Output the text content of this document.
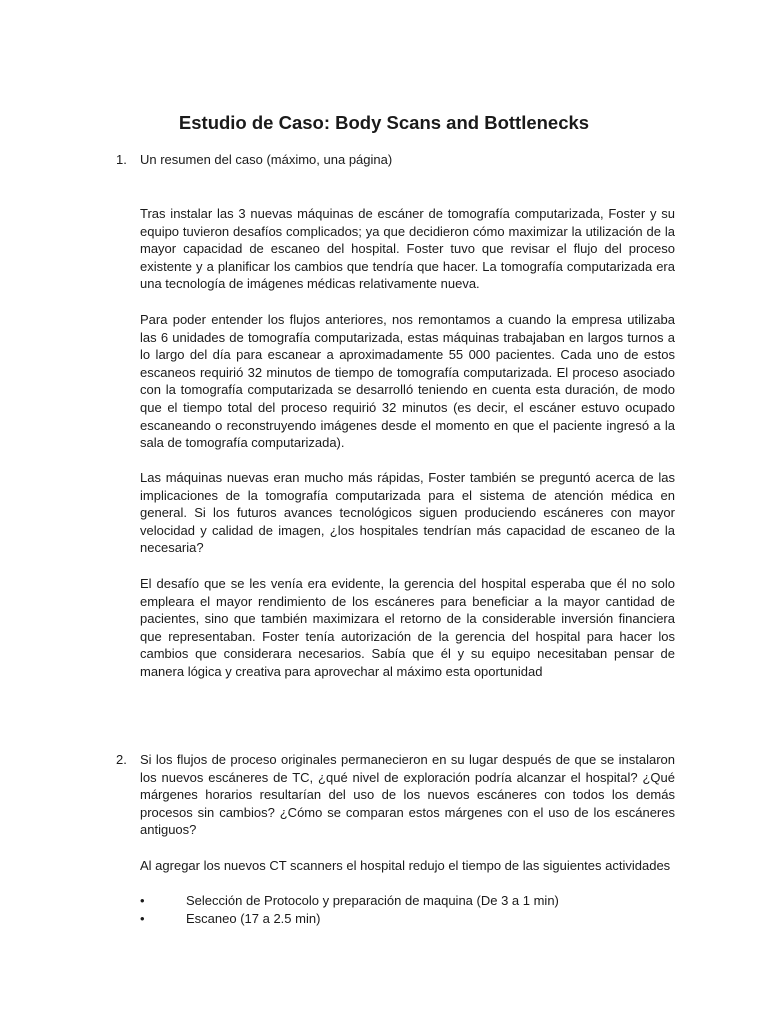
Estudio de Caso: Body Scans and Bottlenecks
1. Un resumen del caso (máximo, una página)

Tras instalar las 3 nuevas máquinas de escáner de tomografía computarizada, Foster y su equipo tuvieron desafíos complicados; ya que decidieron cómo maximizar la utilización de la mayor capacidad de escaneo del hospital. Foster tuvo que revisar el flujo del proceso existente y a planificar los cambios que tendría que hacer. La tomografía computarizada era una tecnología de imágenes médicas relativamente nueva.

Para poder entender los flujos anteriores, nos remontamos a cuando la empresa utilizaba las 6 unidades de tomografía computarizada, estas máquinas trabajaban en largos turnos a lo largo del día para escanear a aproximadamente 55 000 pacientes. Cada uno de estos escaneos requirió 32 minutos de tiempo de tomografía computarizada. El proceso asociado con la tomografía computarizada se desarrolló teniendo en cuenta esta duración, de modo que el tiempo total del proceso requirió 32 minutos (es decir, el escáner estuvo ocupado escaneando o reconstruyendo imágenes desde el momento en que el paciente ingresó a la sala de tomografía computarizada).

Las máquinas nuevas eran mucho más rápidas, Foster también se preguntó acerca de las implicaciones de la tomografía computarizada para el sistema de atención médica en general. Si los futuros avances tecnológicos siguen produciendo escáneres con mayor velocidad y calidad de imagen, ¿los hospitales tendrían más capacidad de escaneo de la necesaria?

El desafío que se les venía era evidente, la gerencia del hospital esperaba que él no solo empleara el mayor rendimiento de los escáneres para beneficiar a la mayor cantidad de pacientes, sino que también maximizara el retorno de la considerable inversión financiera que representaban. Foster tenía autorización de la gerencia del hospital para hacer los cambios que considerara necesarios. Sabía que él y su equipo necesitaban pensar de manera lógica y creativa para aprovechar al máximo esta oportunidad

2. Si los flujos de proceso originales permanecieron en su lugar después de que se instalaron los nuevos escáneres de TC, ¿qué nivel de exploración podría alcanzar el hospital? ¿Qué márgenes horarios resultarían del uso de los nuevos escáneres con todos los demás procesos sin cambios? ¿Cómo se comparan estos márgenes con el uso de los escáneres antiguos?

Al agregar los nuevos CT scanners el hospital redujo el tiempo de las siguientes actividades

•	Selección de Protocolo y preparación de maquina (De 3 a 1 min)
•	Escaneo (17 a 2.5 min)
